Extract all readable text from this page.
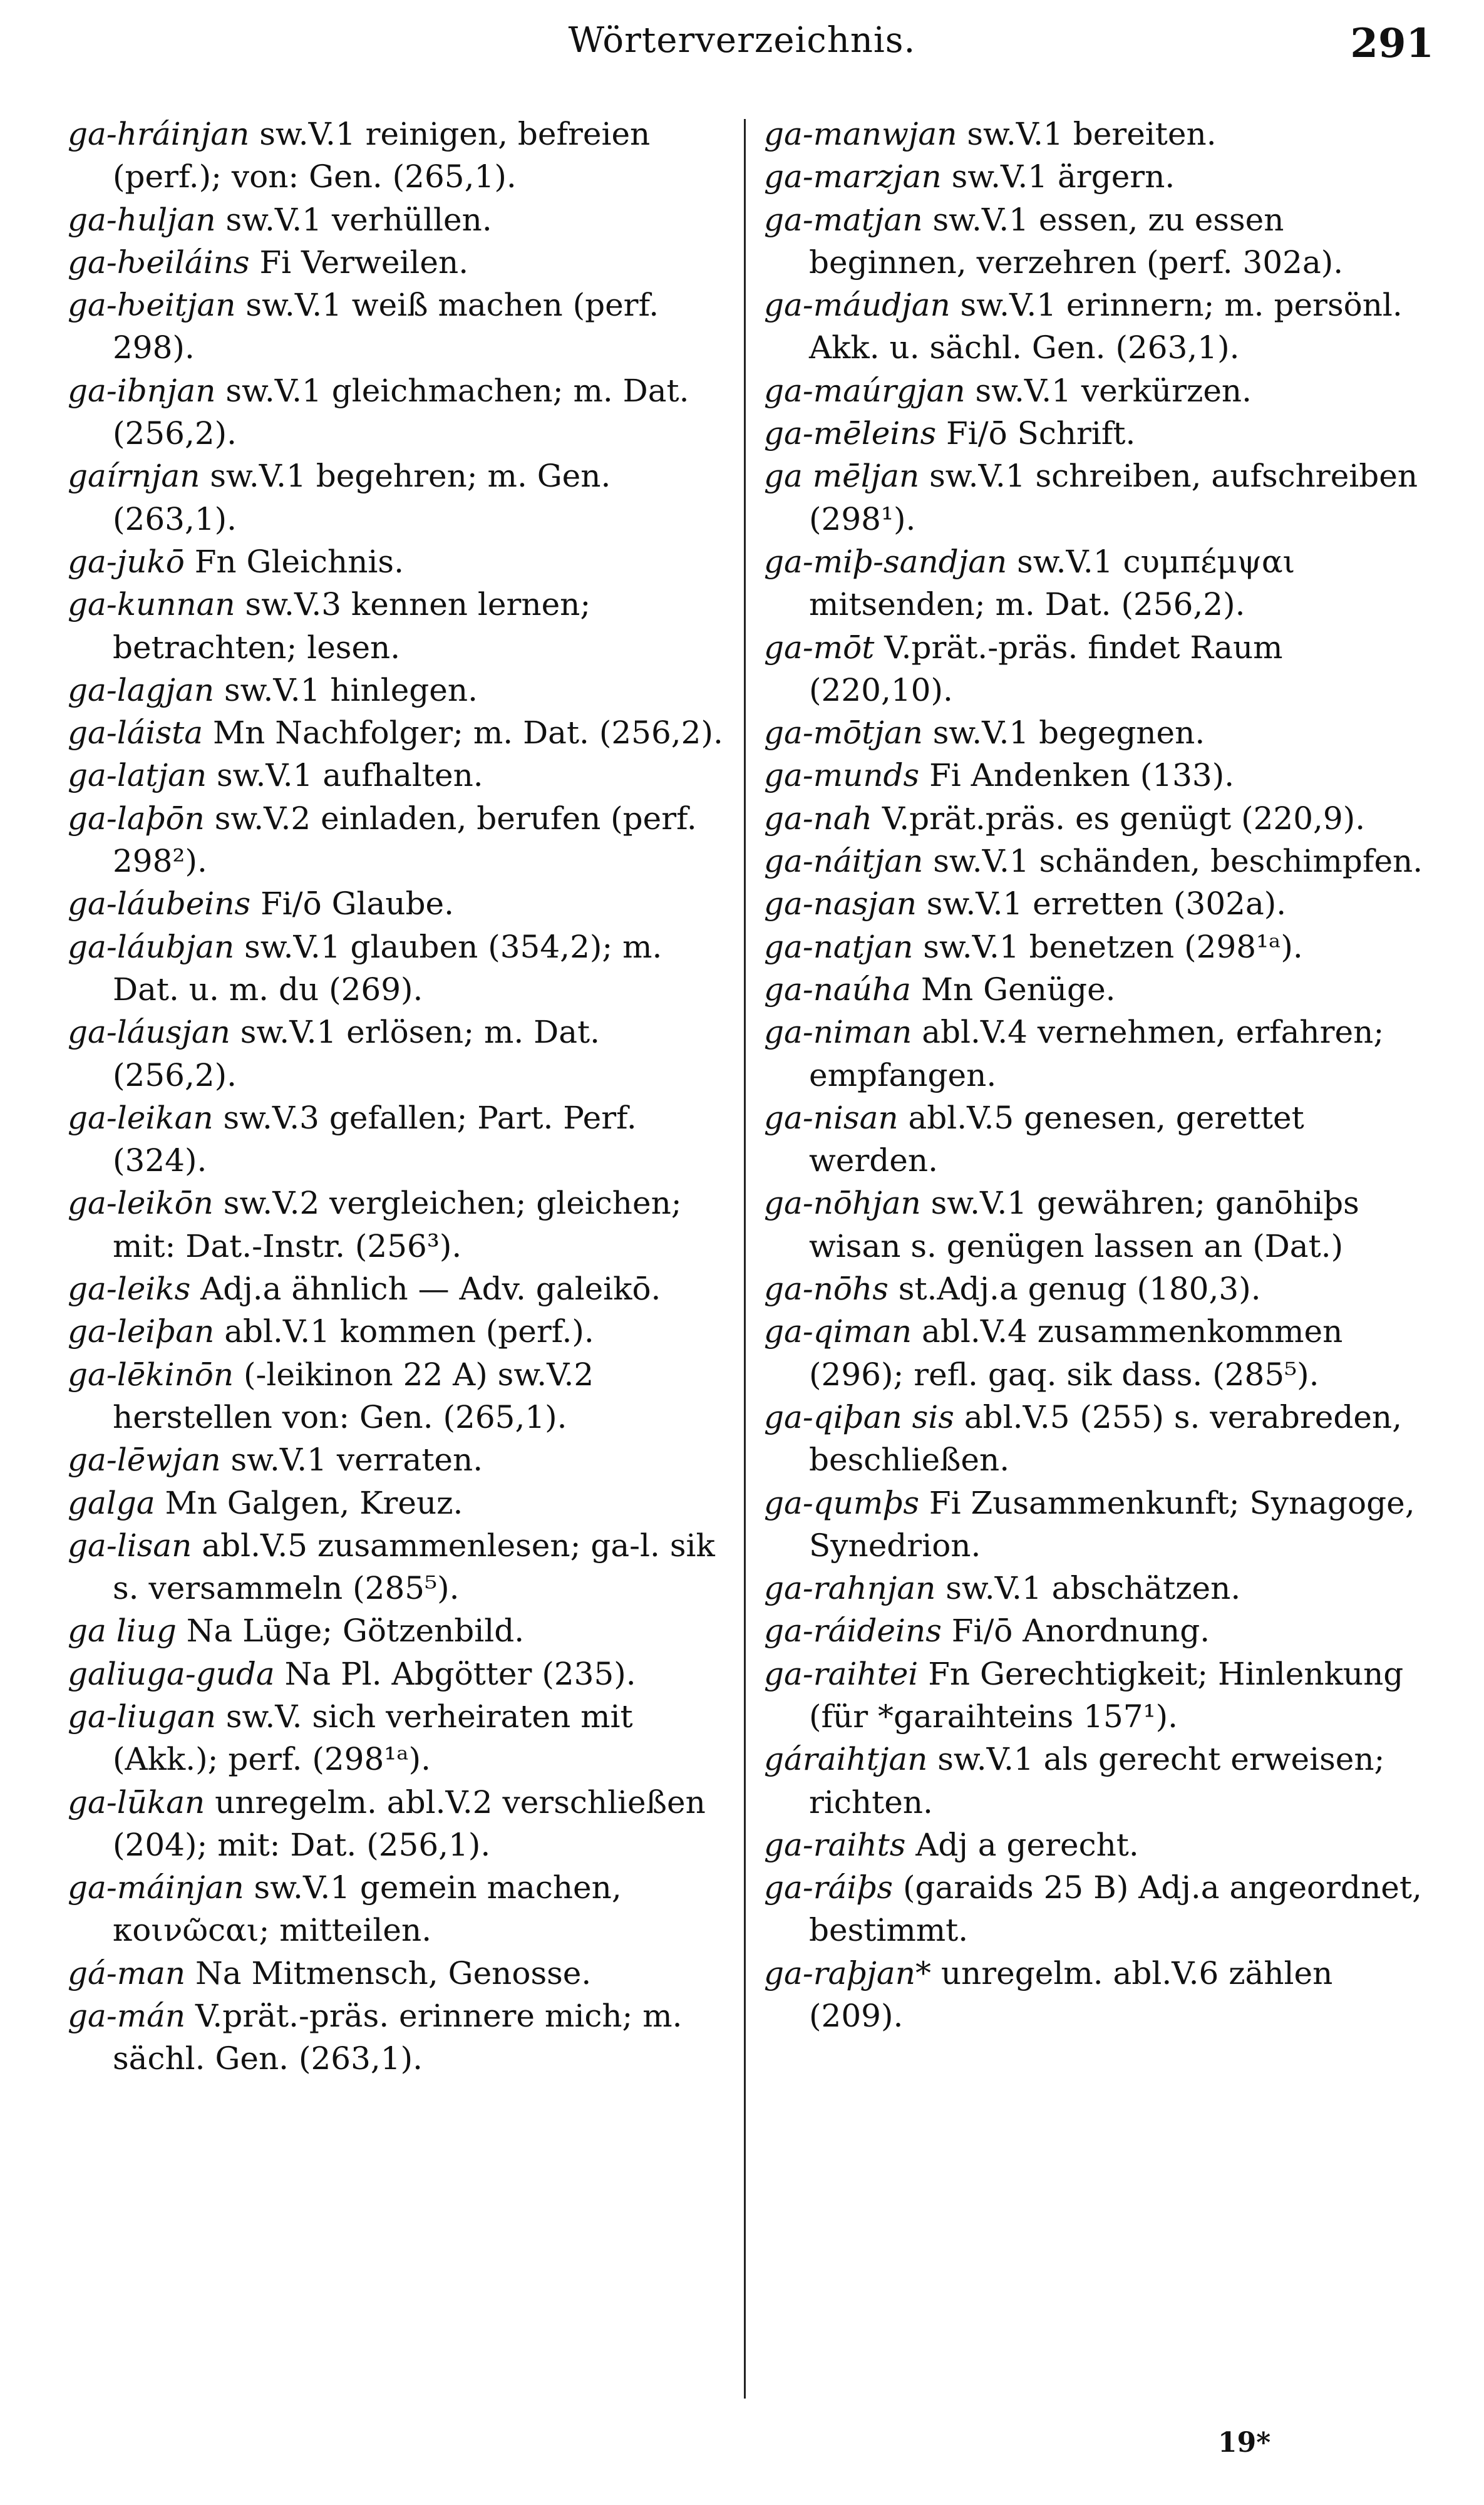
Wörterverzeichnis.	291
ga-hráinjan sw.V.1 reinigen, befreien (perf.); von: Gen. (265,1).
ga-huljan sw.V.1 verhüllen.
ga-ƕeiláins Fi Verweilen.
ga-ƕeitjan sw.V.1 weiß machen (perf. 298).
ga-ibnjan sw.V.1 gleichmachen; m. Dat. (256,2).
gaírnjan sw.V.1 begehren; m. Gen. (263,1).
ga-jukō Fn Gleichnis.
ga-kunnan sw.V.3 kennen lernen; betrachten; lesen.
ga-lagjan sw.V.1 hinlegen.
ga-láista Mn Nachfolger; m. Dat. (256,2).
ga-latjan sw.V.1 aufhalten.
ga-laþōn sw.V.2 einladen, berufen (perf. 298²).
ga-láubeins Fi/ō Glaube.
ga-láubjan sw.V.1 glauben (354,2); m. Dat. u. m. du (269).
ga-láusjan sw.V.1 erlösen; m. Dat. (256,2).
ga-leikan sw.V.3 gefallen; Part. Perf. (324).
ga-leikōn sw.V.2 vergleichen; gleichen; mit: Dat.-Instr. (256³).
ga-leiks Adj.a ähnlich — Adv. galeikō.
ga-leiþan abl.V.1 kommen (perf.).
ga-lēkinōn (-leikinon 22 A) sw.V.2 herstellen von: Gen. (265,1).
ga-lēwjan sw.V.1 verraten.
galga Mn Galgen, Kreuz.
ga-lisan abl.V.5 zusammenlesen; ga-l. sik s. versammeln (285⁵).
ga liug Na Lüge; Götzenbild.
galiuga-guda Na Pl. Abgötter (235).
ga-liugan sw.V. sich verheiraten mit (Akk.); perf. (298¹ᵃ).
ga-lūkan unregelm. abl.V.2 verschließen (204); mit: Dat. (256,1).
ga-máinjan sw.V.1 gemein machen, κοινῶϲαι; mitteilen.
gá-man Na Mitmensch, Genosse.
ga-mán V.prät.-präs. erinnere mich; m. sächl. Gen. (263,1).
ga-manwjan sw.V.1 bereiten.
ga-marzjan sw.V.1 ärgern.
ga-matjan sw.V.1 essen, zu essen beginnen, verzehren (perf. 302a).
ga-máudjan sw.V.1 erinnern; m. persönl. Akk. u. sächl. Gen. (263,1).
ga-maúrgjan sw.V.1 verkürzen.
ga-mēleins Fi/ō Schrift.
ga mēljan sw.V.1 schreiben, aufschreiben (298¹).
ga-miþ-sandjan sw.V.1 ϲυμπέμψαι mitsenden; m. Dat. (256,2).
ga-mōt V.prät.-präs. findet Raum (220,10).
ga-mōtjan sw.V.1 begegnen.
ga-munds Fi Andenken (133).
ga-nah V.prät.präs. es genügt (220,9).
ga-náitjan sw.V.1 schänden, beschimpfen.
ga-nasjan sw.V.1 erretten (302a).
ga-natjan sw.V.1 benetzen (298¹ᵃ).
ga-naúha Mn Genüge.
ga-niman abl.V.4 vernehmen, erfahren; empfangen.
ga-nisan abl.V.5 genesen, gerettet werden.
ga-nōhjan sw.V.1 gewähren; ganōhiþs wisan s. genügen lassen an (Dat.)
ga-nōhs st.Adj.a genug (180,3).
ga-qiman abl.V.4 zusammenkommen (296); refl. gaq. sik dass. (285⁵).
ga-qiþan sis abl.V.5 (255) s. verabreden, beschließen.
ga-qumþs Fi Zusammenkunft; Synagoge, Synedrion.
ga-rahnjan sw.V.1 abschätzen.
ga-ráideins Fi/ō Anordnung.
ga-raihtei Fn Gerechtigkeit; Hinlenkung (für *garaihteins 157¹).
gáraihtjan sw.V.1 als gerecht erweisen; richten.
ga-raihts Adj a gerecht.
ga-ráiþs (garaids 25 B) Adj.a angeordnet, bestimmt.
ga-raþjan* unregelm. abl.V.6 zählen (209).
19*
